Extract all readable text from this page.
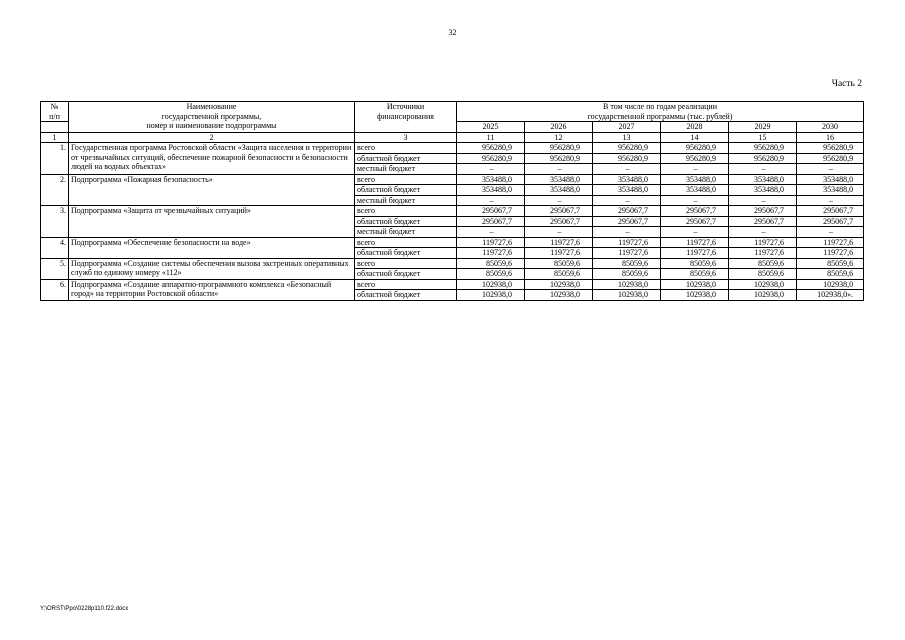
32
Часть 2
№
п/п	Наименование
государственной программы,
номер и наименование подпрограммы	Источники
финансирования	В том числе по годам реализации
государственной программы (тыс. рублей)					

			2025	2026	2027	2028	2029	2030
1	2	3	11	12	13	14	15	16
1.	Государственная программа Ростовской области «Защита населения и территории от чрезвычайных ситуаций, обеспечение пожарной безопасности и безопасности людей на водных объектах»	всего	956280,9	956280,9	956280,9	956280,9	956280,9	956280,9
		областной бюджет	956280,9	956280,9	956280,9	956280,9	956280,9	956280,9
		местный бюджет	–	–	–	–	–	–
2.	Подпрограмма «Пожарная безопасность»	всего	353488,0	353488,0	353488,0	353488,0	353488,0	353488,0
		областной бюджет	353488,0	353488,0	353488,0	353488,0	353488,0	353488,0
		местный бюджет	–	–	–	–	–	–
3.	Подпрограмма «Защита от чрезвычайных ситуаций»	всего	295067,7	295067,7	295067,7	295067,7	295067,7	295067,7
		областной бюджет	295067,7	295067,7	295067,7	295067,7	295067,7	295067,7
		местный бюджет	–	–	–	–	–	–
4.	Подпрограмма «Обеспечение безопасности на воде»	всего	119727,6	119727,6	119727,6	119727,6	119727,6	119727,6
		областной бюджет	119727,6	119727,6	119727,6	119727,6	119727,6	119727,6
5.	Подпрограмма «Создание системы обеспечения вызова экстренных оперативных служб по единому номеру «112»	всего	85059,6	85059,6	85059,6	85059,6	85059,6	85059,6
		областной бюджет	85059,6	85059,6	85059,6	85059,6	85059,6	85059,6
6.	Подпрограмма «Создание аппаратно-программного комплекса «Безопасный город» на территории Ростовской области»	всего	102938,0	102938,0	102938,0	102938,0	102938,0	102938,0
		областной бюджет	102938,0	102938,0	102938,0	102938,0	102938,0	102938,0».
Y:\ORST\Ppo\0228p110.f22.docx
